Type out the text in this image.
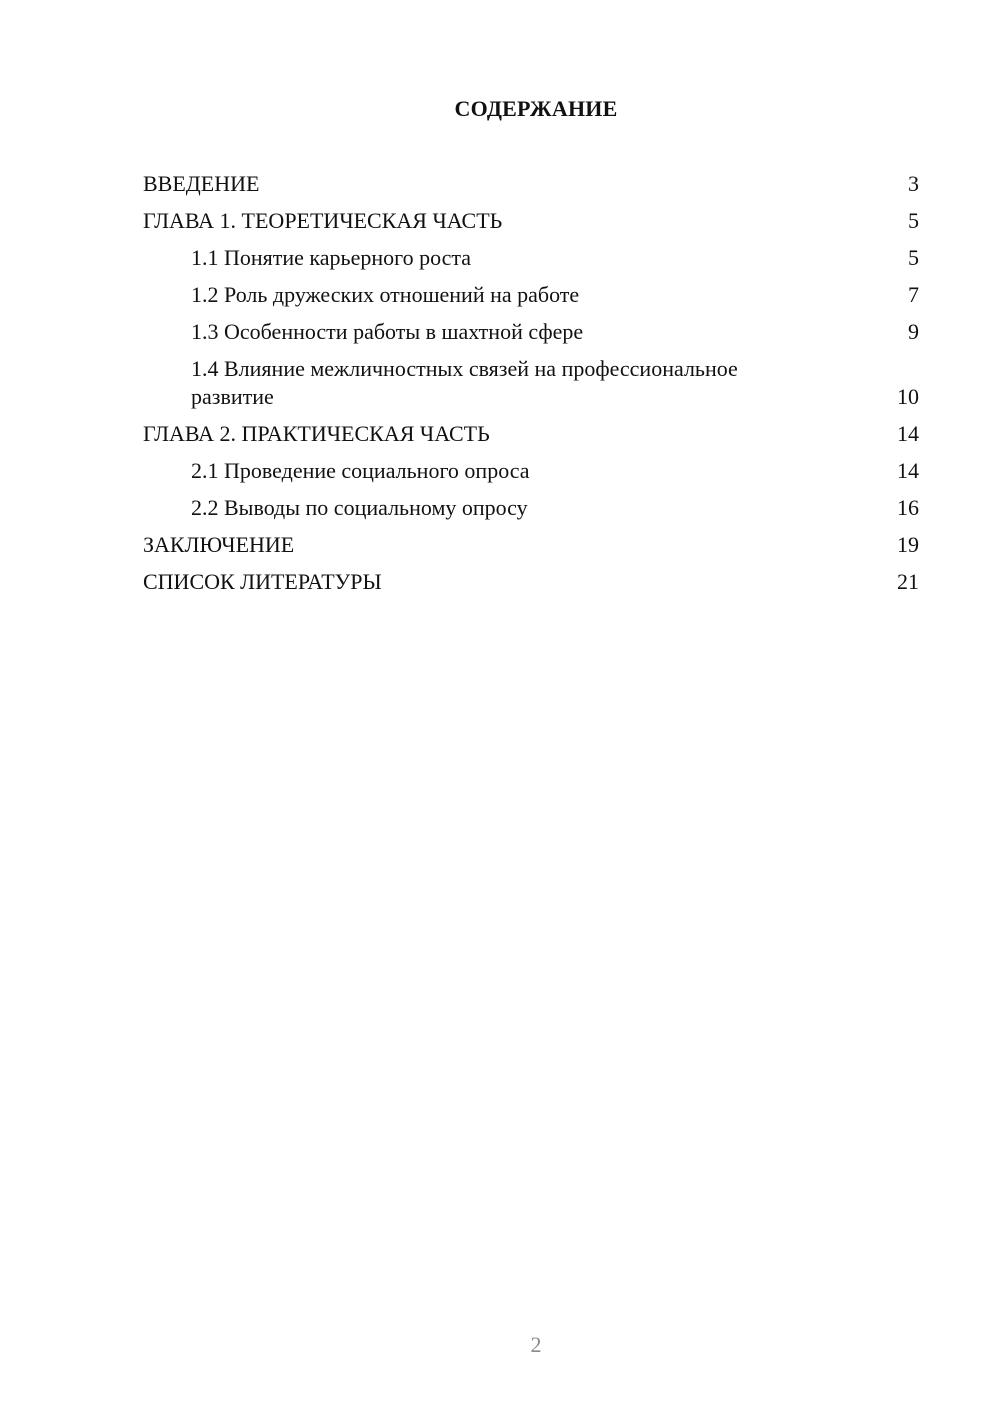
СОДЕРЖАНИЕ
ВВЕДЕНИЕ	3
ГЛАВА 1. ТЕОРЕТИЧЕСКАЯ ЧАСТЬ	5
1.1 Понятие карьерного роста	5
1.2 Роль дружеских отношений на работе	7
1.3 Особенности работы в шахтной сфере	9
1.4 Влияние межличностных связей на профессиональное развитие	10
ГЛАВА 2. ПРАКТИЧЕСКАЯ ЧАСТЬ	14
2.1 Проведение социального опроса	14
2.2 Выводы по социальному опросу	16
ЗАКЛЮЧЕНИЕ	19
СПИСОК ЛИТЕРАТУРЫ	21
2
